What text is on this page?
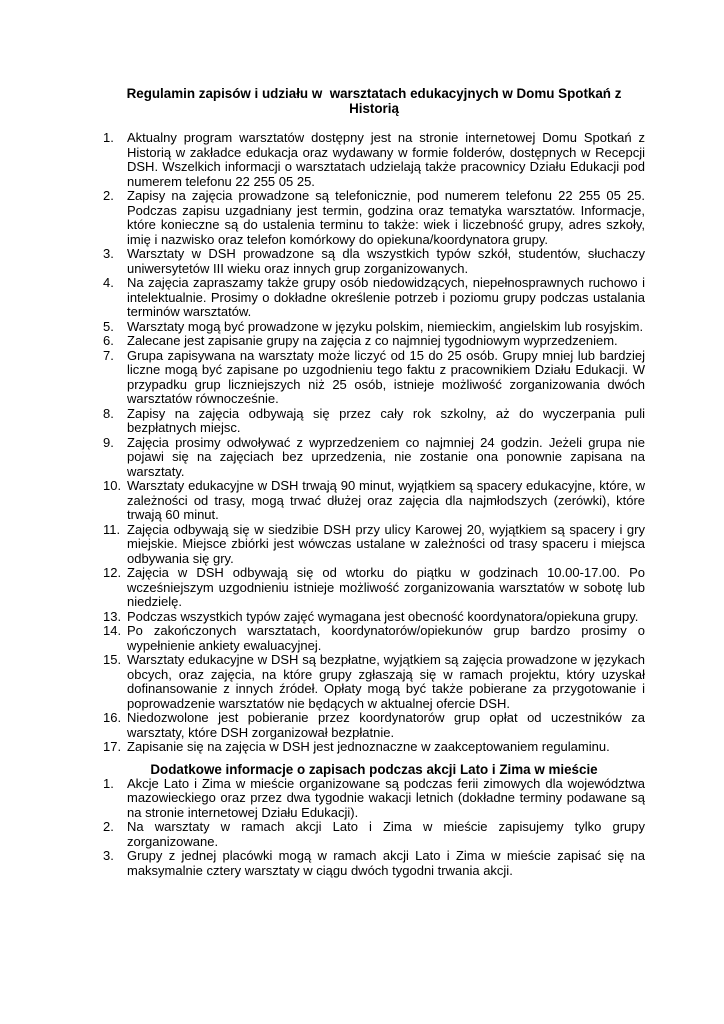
Regulamin zapisów i udziału w  warsztatach edukacyjnych w Domu Spotkań z Historią
Aktualny program warsztatów dostępny jest na stronie internetowej Domu Spotkań z Historią w zakładce edukacja oraz wydawany w formie folderów, dostępnych w Recepcji DSH. Wszelkich informacji o warsztatach udzielają także pracownicy Działu Edukacji pod numerem telefonu 22 255 05 25.
Zapisy na zajęcia prowadzone są telefonicznie, pod numerem telefonu 22 255 05 25. Podczas zapisu uzgadniany jest termin, godzina oraz tematyka warsztatów. Informacje, które konieczne są do ustalenia terminu to także: wiek i liczebność grupy, adres szkoły, imię i nazwisko oraz telefon komórkowy do opiekuna/koordynatora grupy.
Warsztaty w DSH prowadzone są dla wszystkich typów szkół, studentów, słuchaczy uniwersytetów III wieku oraz innych grup zorganizowanych.
Na zajęcia zapraszamy także grupy osób niedowidzących, niepełnosprawnych ruchowo i intelektualnie. Prosimy o dokładne określenie potrzeb i poziomu grupy podczas ustalania terminów warsztatów.
Warsztaty mogą być prowadzone w języku polskim, niemieckim, angielskim lub rosyjskim.
Zalecane jest zapisanie grupy na zajęcia z co najmniej tygodniowym wyprzedzeniem.
Grupa zapisywana na warsztaty może liczyć od 15 do 25 osób. Grupy mniej lub bardziej liczne mogą być zapisane po uzgodnieniu tego faktu z pracownikiem Działu Edukacji. W przypadku grup liczniejszych niż 25 osób, istnieje możliwość zorganizowania dwóch warsztatów równocześnie.
Zapisy na zajęcia odbywają się przez cały rok szkolny, aż do wyczerpania puli bezpłatnych miejsc.
Zajęcia prosimy odwoływać z wyprzedzeniem co najmniej 24 godzin. Jeżeli grupa nie pojawi się na zajęciach bez uprzedzenia, nie zostanie ona ponownie zapisana na warsztaty.
Warsztaty edukacyjne w DSH trwają 90 minut, wyjątkiem są spacery edukacyjne, które, w zależności od trasy, mogą trwać dłużej oraz zajęcia dla najmłodszych (zerówki), które trwają 60 minut.
Zajęcia odbywają się w siedzibie DSH przy ulicy Karowej 20, wyjątkiem są spacery i gry miejskie. Miejsce zbiórki jest wówczas ustalane w zależności od trasy spaceru i miejsca odbywania się gry.
Zajęcia w DSH odbywają się od wtorku do piątku w godzinach 10.00-17.00. Po wcześniejszym uzgodnieniu istnieje możliwość zorganizowania warsztatów w sobotę lub niedzielę.
Podczas wszystkich typów zajęć wymagana jest obecność koordynatora/opiekuna grupy.
Po zakończonych warsztatach, koordynatorów/opiekunów grup bardzo prosimy o wypełnienie ankiety ewaluacyjnej.
Warsztaty edukacyjne w DSH są bezpłatne, wyjątkiem są zajęcia prowadzone w językach obcych, oraz zajęcia, na które grupy zgłaszają się w ramach projektu, który uzyskał dofinansowanie z innych źródeł. Opłaty mogą być także pobierane za przygotowanie i poprowadzenie warsztatów nie będących w aktualnej ofercie DSH.
Niedozwolone jest pobieranie przez koordynatorów grup opłat od uczestników za warsztaty, które DSH zorganizował bezpłatnie.
Zapisanie się na zajęcia w DSH jest jednoznaczne w zaakceptowaniem regulaminu.
Dodatkowe informacje o zapisach podczas akcji Lato i Zima w mieście
Akcje Lato i Zima w mieście organizowane są podczas ferii zimowych dla województwa mazowieckiego oraz przez dwa tygodnie wakacji letnich (dokładne terminy podawane są na stronie internetowej Działu Edukacji).
Na warsztaty w ramach akcji Lato i Zima w mieście zapisujemy tylko grupy zorganizowane.
Grupy z jednej placówki mogą w ramach akcji Lato i Zima w mieście zapisać się na maksymalnie cztery warsztaty w ciągu dwóch tygodni trwania akcji.
